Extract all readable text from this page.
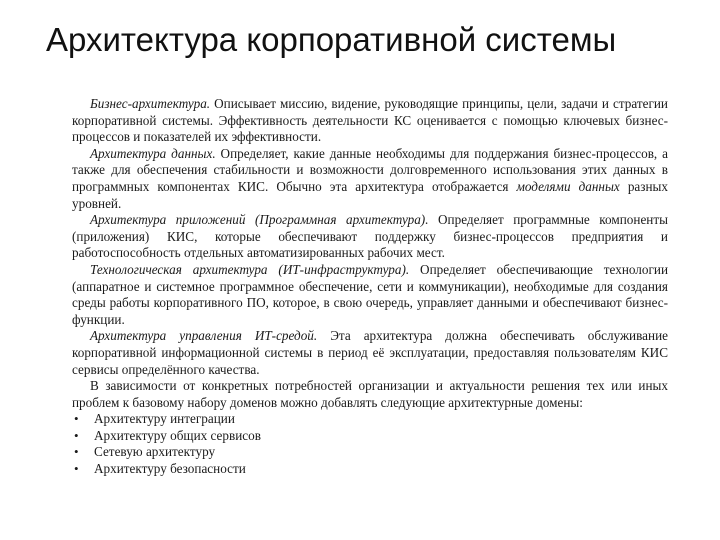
Архитектура корпоративной системы

Бизнес-архитектура. Описывает миссию, видение, руководящие принципы, цели, задачи и стратегии корпоративной системы. Эффективность деятельности КС оценивается с помощью ключевых бизнес-процессов и показателей их эффективности.

Архитектура данных. Определяет, какие данные необходимы для поддержания бизнес-процессов, а также для обеспечения стабильности и возможности долговременного использования этих данных в программных компонентах КИС. Обычно эта архитектура отображается моделями данных разных уровней.

Архитектура приложений (Программная архитектура). Определяет программные компоненты (приложения) КИС, которые обеспечивают поддержку бизнес-процессов предприятия и работоспособность отдельных автоматизированных рабочих мест.

Технологическая архитектура (ИТ-инфраструктура). Определяет обеспечивающие технологии (аппаратное и системное программное обеспечение, сети и коммуникации), необходимые для создания среды работы корпоративного ПО, которое, в свою очередь, управляет данными и обеспечивают бизнес-функции.

Архитектура управления ИТ-средой. Эта архитектура должна обеспечивать обслуживание корпоративной информационной системы в период её эксплуатации, предоставляя пользователям КИС сервисы определённого качества.

В зависимости от конкретных потребностей организации и актуальности решения тех или иных проблем к базовому набору доменов можно добавлять следующие архитектурные домены:

• Архитектуру интеграции
• Архитектуру общих сервисов
• Сетевую архитектуру
• Архитектуру безопасности
